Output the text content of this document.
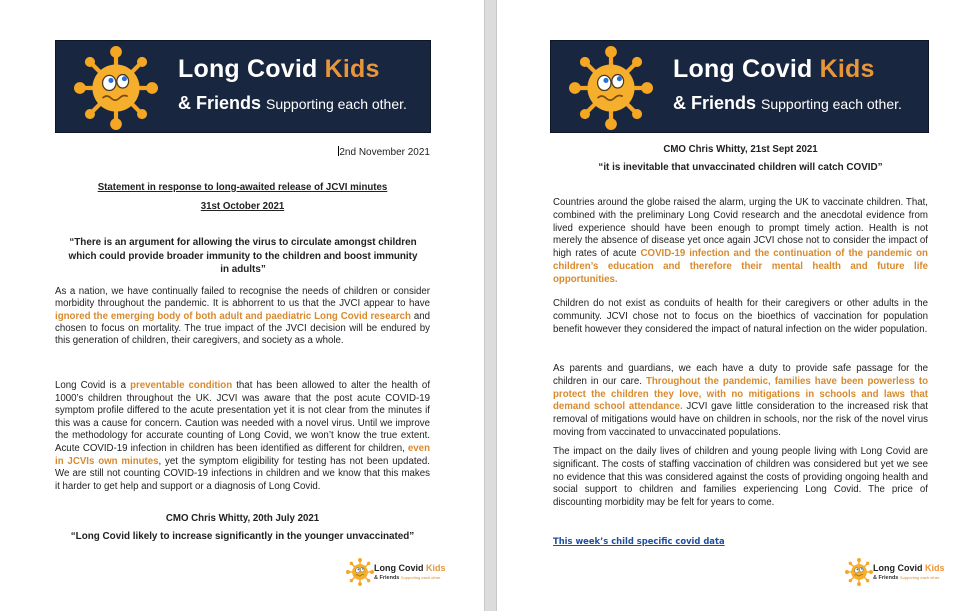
Long Covid Kids
& Friends Supporting each other.
2nd November 2021
Statement in response to long-awaited release of JCVI minutes
31st October 2021
“There is an argument for allowing the virus to circulate amongst children which could provide broader immunity to the children and boost immunity in adults”
As a nation, we have continually failed to recognise the needs of children or consider morbidity throughout the pandemic. It is abhorrent to us that the JVCI appear to have ignored the emerging body of both adult and paediatric Long Covid research and chosen to focus on mortality. The true impact of the JVCI decision will be endured by this generation of children, their caregivers, and society as a whole.
Long Covid is a preventable condition that has been allowed to alter the health of 1000’s children throughout the UK. JCVI was aware that the post acute COVID-19 symptom profile differed to the acute presentation yet it is not clear from the minutes if this was a cause for concern. Caution was needed with a novel virus. Until we improve the methodology for accurate counting of Long Covid, we won’t know the true extent. Acute COVID-19 infection in children has been identified as different for children, even in JCVIs own minutes, yet the symptom eligibility for testing has not been updated. We are still not counting COVID-19 infections in children and we know that this makes it harder to get help and support or a diagnosis of Long Covid.
CMO Chris Whitty, 20th July 2021
“Long Covid likely to increase significantly in the younger unvaccinated”
Long Covid Kids
& Friends Supporting each other.
Long Covid Kids
& Friends Supporting each other.
CMO Chris Whitty, 21st Sept 2021
“it is inevitable that unvaccinated children will catch COVID”
Countries around the globe raised the alarm, urging the UK to vaccinate children. That, combined with the preliminary Long Covid research and the anecdotal evidence from lived experience should have been enough to prompt timely action. Health is not merely the absence of disease yet once again JCVI chose not to consider the impact of high rates of acute COVID-19 infection and the continuation of the pandemic on children’s education and therefore their mental health and future life opportunities.
Children do not exist as conduits of health for their caregivers or other adults in the community. JCVI chose not to focus on the bioethics of vaccination for population benefit however they considered the impact of natural infection on the wider population.
As parents and guardians, we each have a duty to provide safe passage for the children in our care. Throughout the pandemic, families have been powerless to protect the children they love, with no mitigations in schools and laws that demand school attendance. JCVI gave little consideration to the increased risk that removal of mitigations would have on children in schools, nor the risk of the novel virus moving from vaccinated to unvaccinated populations.
The impact on the daily lives of children and young people living with Long Covid are significant. The costs of staffing vaccination of children was considered but yet we see no evidence that this was considered against the costs of providing ongoing health and social support to children and families experiencing Long Covid. The price of discounting morbidity may be felt for years to come.
This week’s child specific covid data
Long Covid Kids
& Friends Supporting each other.
